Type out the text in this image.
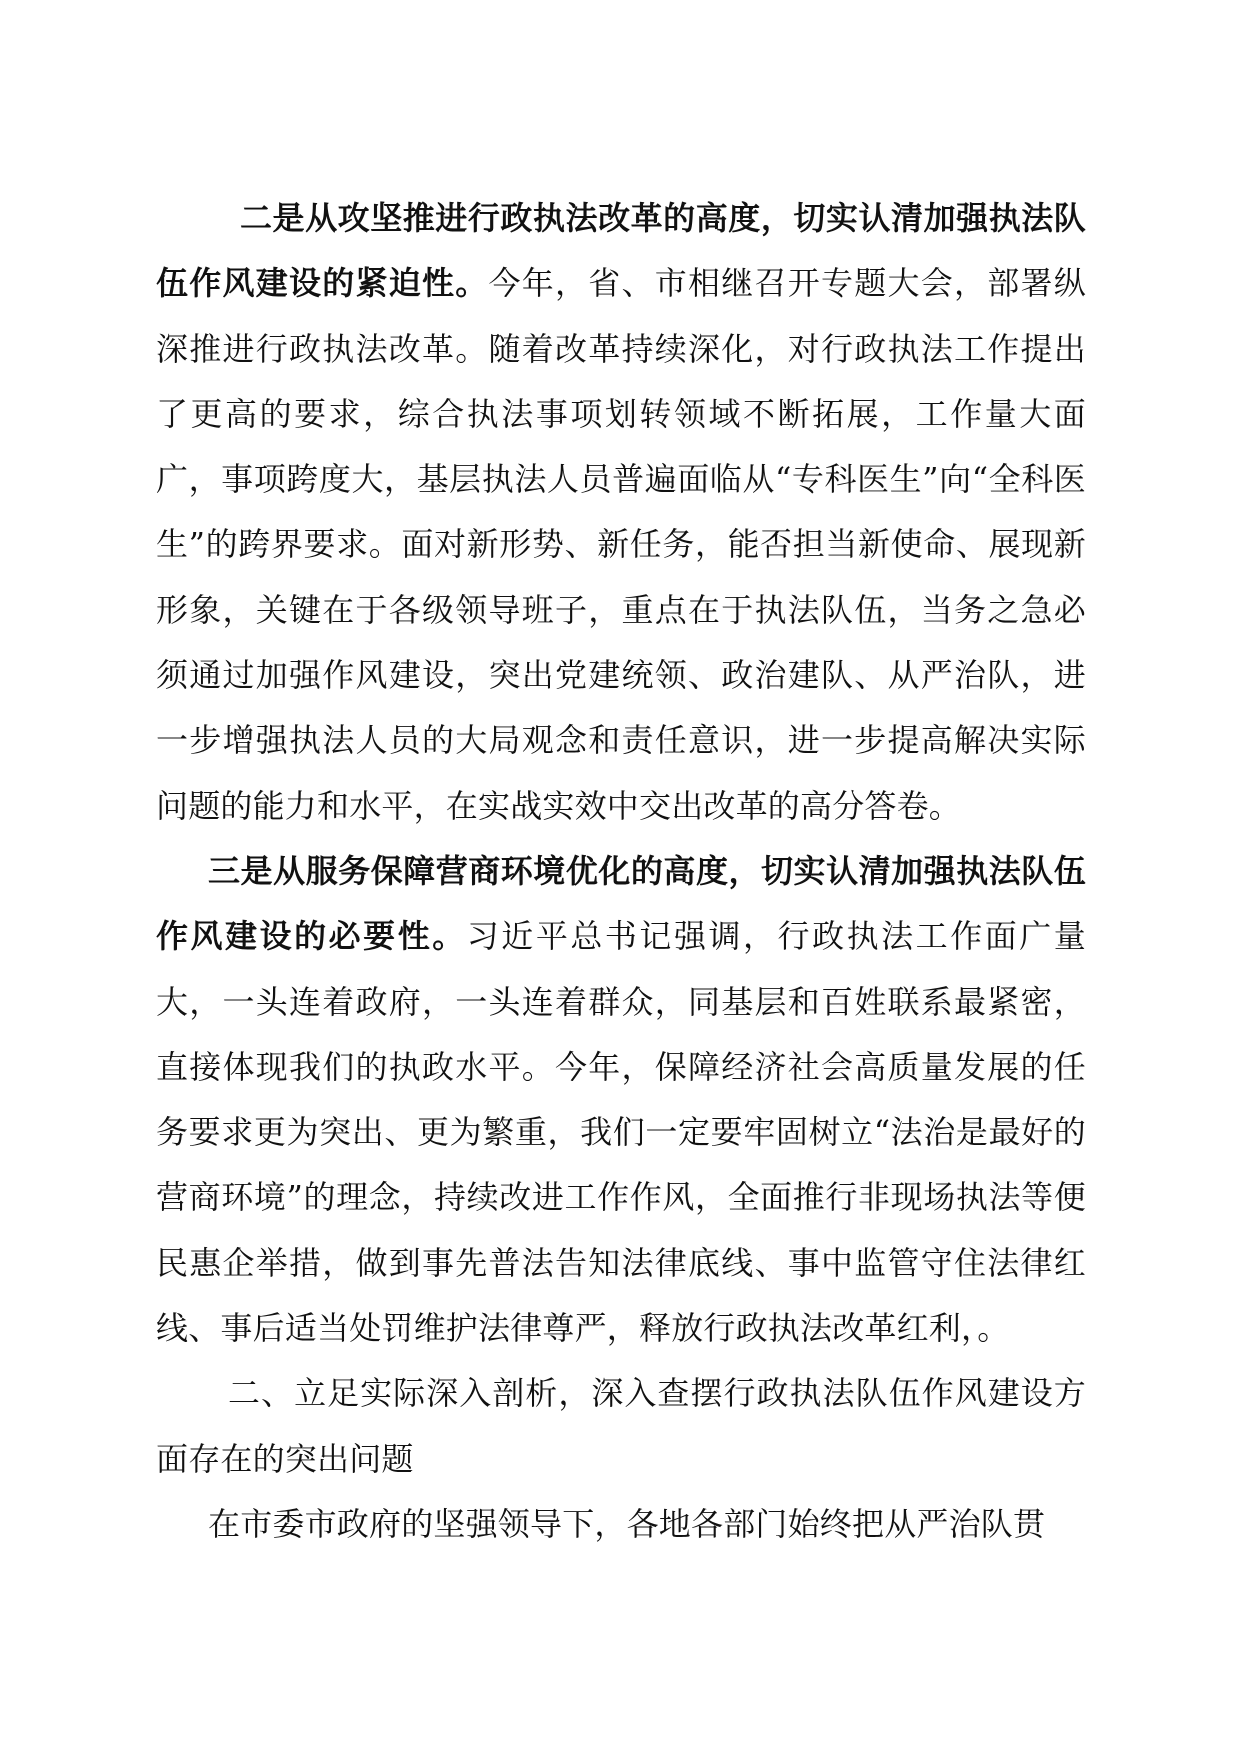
二是从攻坚推进行政执法改革的高度，切实认清加强执法队伍作风建设的紧迫性。今年，省、市相继召开专题大会，部署纵深推进行政执法改革。随着改革持续深化，对行政执法工作提出了更高的要求，综合执法事项划转领域不断拓展，工作量大面广，事项跨度大，基层执法人员普遍面临从“专科医生”向“全科医生”的跨界要求。面对新形势、新任务，能否担当新使命、展现新形象，关键在于各级领导班子，重点在于执法队伍，当务之急必须通过加强作风建设，突出党建统领、政治建队、从严治队，进一步增强执法人员的大局观念和责任意识，进一步提高解决实际问题的能力和水平，在实战实效中交出改革的高分答卷。

三是从服务保障营商环境优化的高度，切实认清加强执法队伍作风建设的必要性。习近平总书记强调，行政执法工作面广量大，一头连着政府，一头连着群众，同基层和百姓联系最紧密，直接体现我们的执政水平。今年，保障经济社会高质量发展的任务要求更为突出、更为繁重，我们一定要牢固树立“法治是最好的营商环境”的理念，持续改进工作作风，全面推行非现场执法等便民惠企举措，做到事先普法告知法律底线、事中监管守住法律红线、事后适当处罚维护法律尊严，释放行政执法改革红利，。

二、立足实际深入剖析，深入查摆行政执法队伍作风建设方面存在的突出问题

在市委市政府的坚强领导下，各地各部门始终把从严治队贯
